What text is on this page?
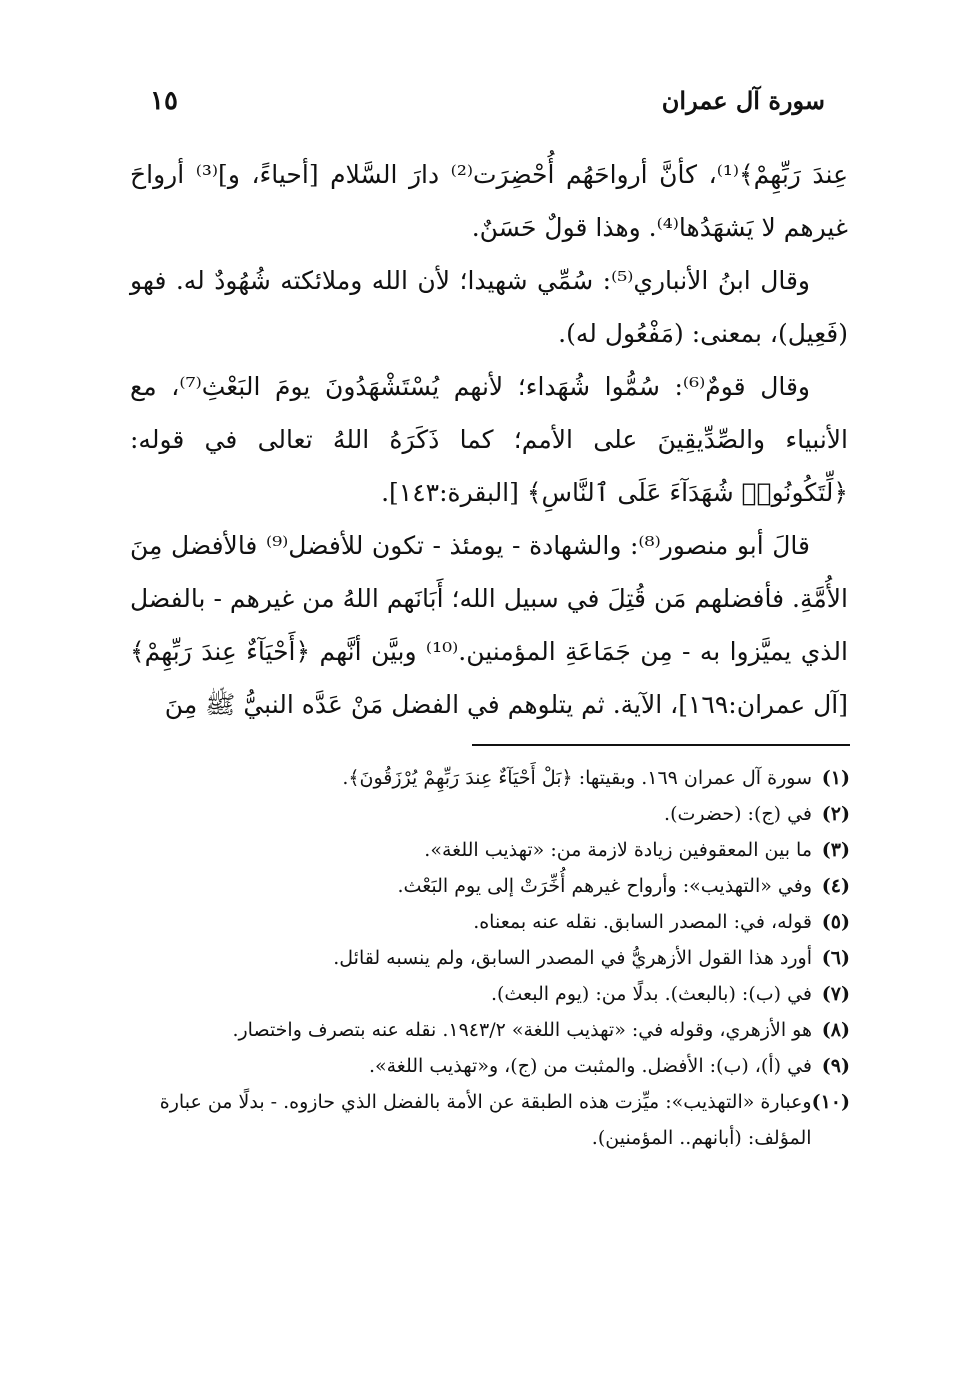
سورة آل عمران
١٥

عِندَ رَبِّهِمْ﴾⁽¹⁾، كأنَّ أرواحَهُم أُحْضِرَت⁽²⁾ دارَ السَّلام [أحياءً، و]⁽³⁾ أرواحَ غيرهم لا يَشهَدُها⁽⁴⁾. وهذا قولٌ حَسَنٌ.

وقال ابنُ الأنباري⁽⁵⁾: سُمِّي شهيدا؛ لأن الله وملائكته شُهُودٌ له. فهو (فَعِيل)، بمعنى: (مَفْعُول له).

وقال قومٌ⁽⁶⁾: سُمُّوا شُهَداء؛ لأنهم يُسْتَشْهَدُونَ يومَ البَعْثِ⁽⁷⁾، مع الأنبياء والصِّدِّيقِينَ على الأمم؛ كما ذَكَرَهُ اللهُ تعالى في قوله: ﴿لِّتَكُونُوا۟ شُهَدَآءَ عَلَى ٱلنَّاسِ﴾ [البقرة:١٤٣].

قالَ أبو منصور⁽⁸⁾: والشهادة - يومئذ - تكون للأفضل⁽⁹⁾ فالأفضل مِنَ الأُمَّةِ. فأفضلهم مَن قُتِلَ في سبيل الله؛ أَبَانَهم اللهُ من غيرهم - بالفضل الذي يميَّزوا به - مِن جَمَاعَةِ المؤمنين.⁽¹⁰⁾ وبيَّن أنَّهم ﴿أَحْيَآءٌ عِندَ رَبِّهِمْ﴾ [آل عمران:١٦٩]، الآية. ثم يتلوهم في الفضل مَنْ عَدَّه النبيُّ ﷺ مِنَ

(١)
سورة آل عمران ١٦٩. وبقيتها: ﴿بَلْ أَحْيَآءٌ عِندَ رَبِّهِمْ يُرْزَقُونَ﴾.
(٢)
في (ج): (حضرت).
(٣)
ما بين المعقوفين زيادة لازمة من: «تهذيب اللغة».
(٤)
وفي «التهذيب»: وأرواح غيرهم أُخِّرَتْ إلى يوم البَعْث.
(٥)
قوله، في: المصدر السابق. نقله عنه بمعناه.
(٦)
أورد هذا القول الأزهريُّ في المصدر السابق، ولم ينسبه لقائل.
(٧)
في (ب): (بالبعث). بدلًا من: (يوم البعث).
(٨)
هو الأزهري، وقوله في: «تهذيب اللغة» ١٩٤٣/٢. نقله عنه بتصرف واختصار.
(٩)
في (أ)، (ب): الأفضل. والمثبت من (ج)، و«تهذيب اللغة».
(١٠)
وعبارة «التهذيب»: ميِّزت هذه الطبقة عن الأمة بالفضل الذي حازوه. - بدلًا من عبارة المؤلف: (أبانهم.. المؤمنين).
